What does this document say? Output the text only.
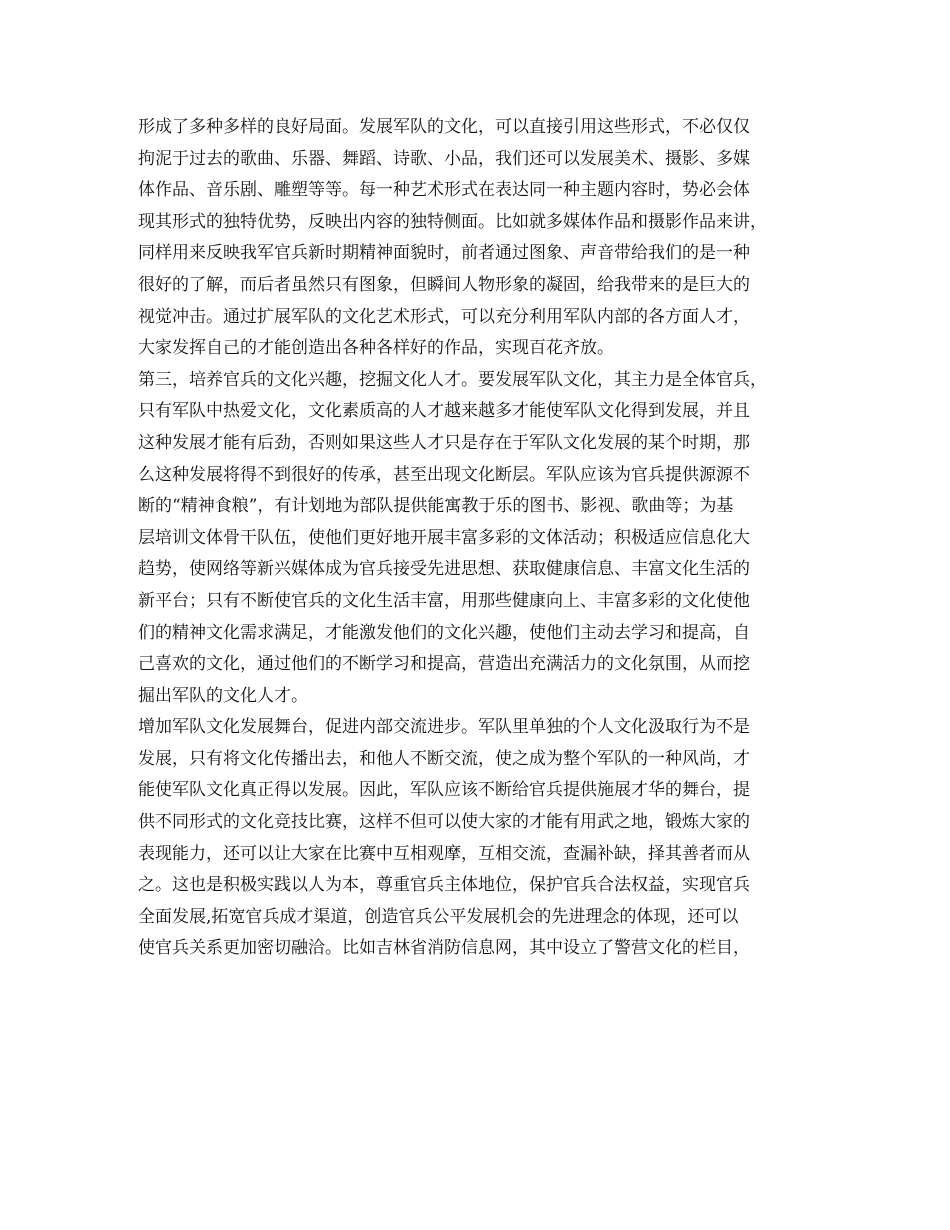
形成了多种多样的良好局面。发展军队的文化，可以直接引用这些形式，不必仅仅
拘泥于过去的歌曲、乐器、舞蹈、诗歌、小品，我们还可以发展美术、摄影、多媒
体作品、音乐剧、雕塑等等。每一种艺术形式在表达同一种主题内容时，势必会体
现其形式的独特优势，反映出内容的独特侧面。比如就多媒体作品和摄影作品来讲，
同样用来反映我军官兵新时期精神面貌时，前者通过图象、声音带给我们的是一种
很好的了解，而后者虽然只有图象，但瞬间人物形象的凝固，给我带来的是巨大的
视觉冲击。通过扩展军队的文化艺术形式，可以充分利用军队内部的各方面人才，
大家发挥自己的才能创造出各种各样好的作品，实现百花齐放。
第三，培养官兵的文化兴趣，挖掘文化人才。要发展军队文化，其主力是全体官兵，
只有军队中热爱文化，文化素质高的人才越来越多才能使军队文化得到发展，并且
这种发展才能有后劲，否则如果这些人才只是存在于军队文化发展的某个时期，那
么这种发展将得不到很好的传承，甚至出现文化断层。军队应该为官兵提供源源不
断的“精神食粮”，有计划地为部队提供能寓教于乐的图书、影视、歌曲等；为基
层培训文体骨干队伍，使他们更好地开展丰富多彩的文体活动；积极适应信息化大
趋势，使网络等新兴媒体成为官兵接受先进思想、获取健康信息、丰富文化生活的
新平台；只有不断使官兵的文化生活丰富，用那些健康向上、丰富多彩的文化使他
们的精神文化需求满足，才能激发他们的文化兴趣，使他们主动去学习和提高，自
己喜欢的文化，通过他们的不断学习和提高，营造出充满活力的文化氛围，从而挖
掘出军队的文化人才。
增加军队文化发展舞台，促进内部交流进步。军队里单独的个人文化汲取行为不是
发展，只有将文化传播出去，和他人不断交流，使之成为整个军队的一种风尚，才
能使军队文化真正得以发展。因此，军队应该不断给官兵提供施展才华的舞台，提
供不同形式的文化竞技比赛，这样不但可以使大家的才能有用武之地，锻炼大家的
表现能力，还可以让大家在比赛中互相观摩，互相交流，查漏补缺，择其善者而从
之。这也是积极实践以人为本，尊重官兵主体地位，保护官兵合法权益，实现官兵
全面发展,拓宽官兵成才渠道，创造官兵公平发展机会的先进理念的体现，还可以
使官兵关系更加密切融洽。比如吉林省消防信息网，其中设立了警营文化的栏目，
